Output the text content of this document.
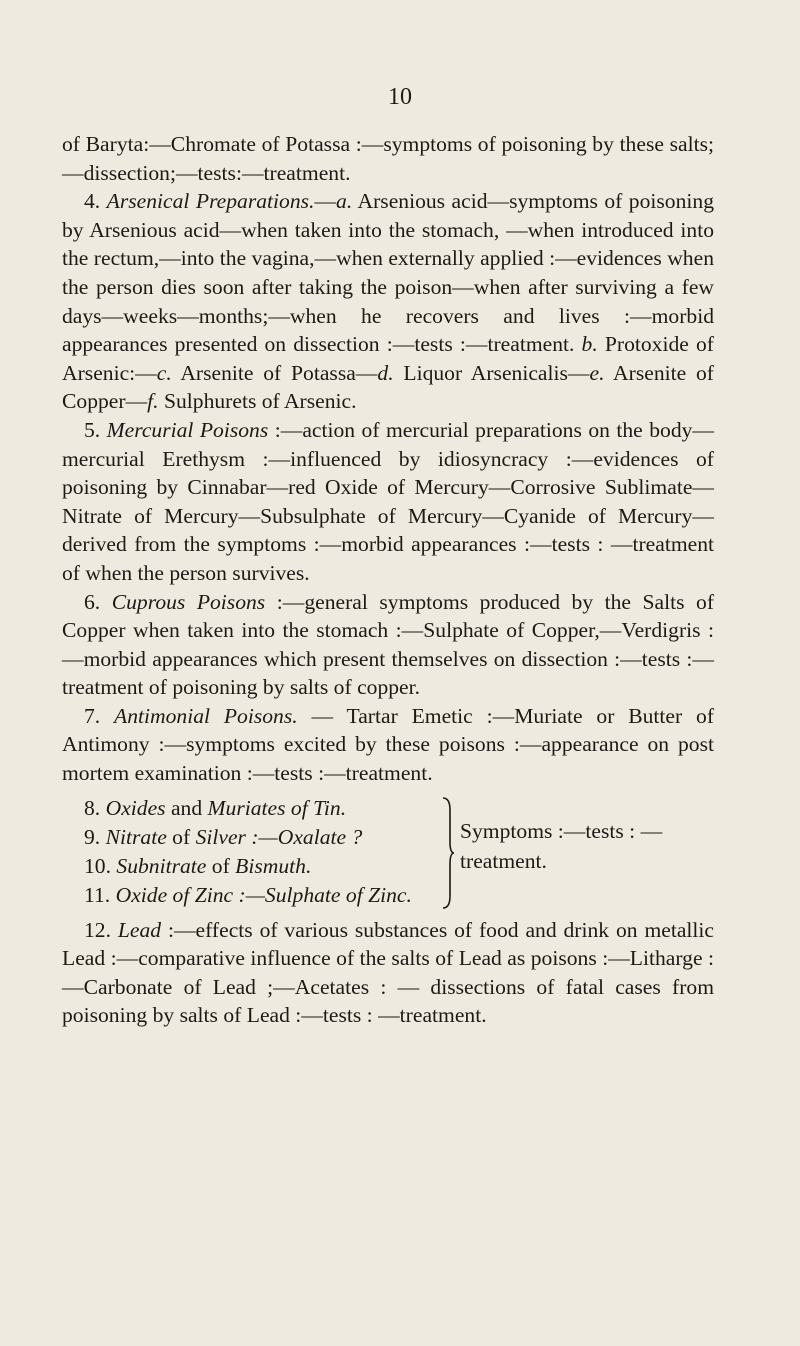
10

of Baryta:—Chromate of Potassa :—symptoms of poisoning by these salts;—dissection;—tests:—treatment.

4. Arsenical Preparations.—a. Arsenious acid—symptoms of poisoning by Arsenious acid—when taken into the stomach, —when introduced into the rectum,—into the vagina,—when externally applied :—evidences when the person dies soon after taking the poison—when after surviving a few days—weeks—months;—when he recovers and lives :—morbid appearances presented on dissection :—tests :—treatment. b. Protoxide of Arsenic:—c. Arsenite of Potassa—d. Liquor Arsenicalis—e. Arsenite of Copper—f. Sulphurets of Arsenic.

5. Mercurial Poisons :—action of mercurial preparations on the body—mercurial Erethysm :—influenced by idiosyncracy :—evidences of poisoning by Cinnabar—red Oxide of Mercury—Corrosive Sublimate—Nitrate of Mercury—Subsulphate of Mercury—Cyanide of Mercury—derived from the symptoms :—morbid appearances :—tests : —treatment of when the person survives.

6. Cuprous Poisons :—general symptoms produced by the Salts of Copper when taken into the stomach :—Sulphate of Copper,—Verdigris :—morbid appearances which present themselves on dissection :—tests :—treatment of poisoning by salts of copper.

7. Antimonial Poisons. — Tartar Emetic :—Muriate or Butter of Antimony :—symptoms excited by these poisons :—appearance on post mortem examination :—tests :—treatment.

8. Oxides and Muriates of Tin.
9. Nitrate of Silver :—Oxalate ?
10. Subnitrate of Bismuth.
11. Oxide of Zinc :—Sulphate of Zinc.
Symptoms :—tests : —treatment.

12. Lead :—effects of various substances of food and drink on metallic Lead :—comparative influence of the salts of Lead as poisons :—Litharge :—Carbonate of Lead ;—Acetates : — dissections of fatal cases from poisoning by salts of Lead :—tests : —treatment.
